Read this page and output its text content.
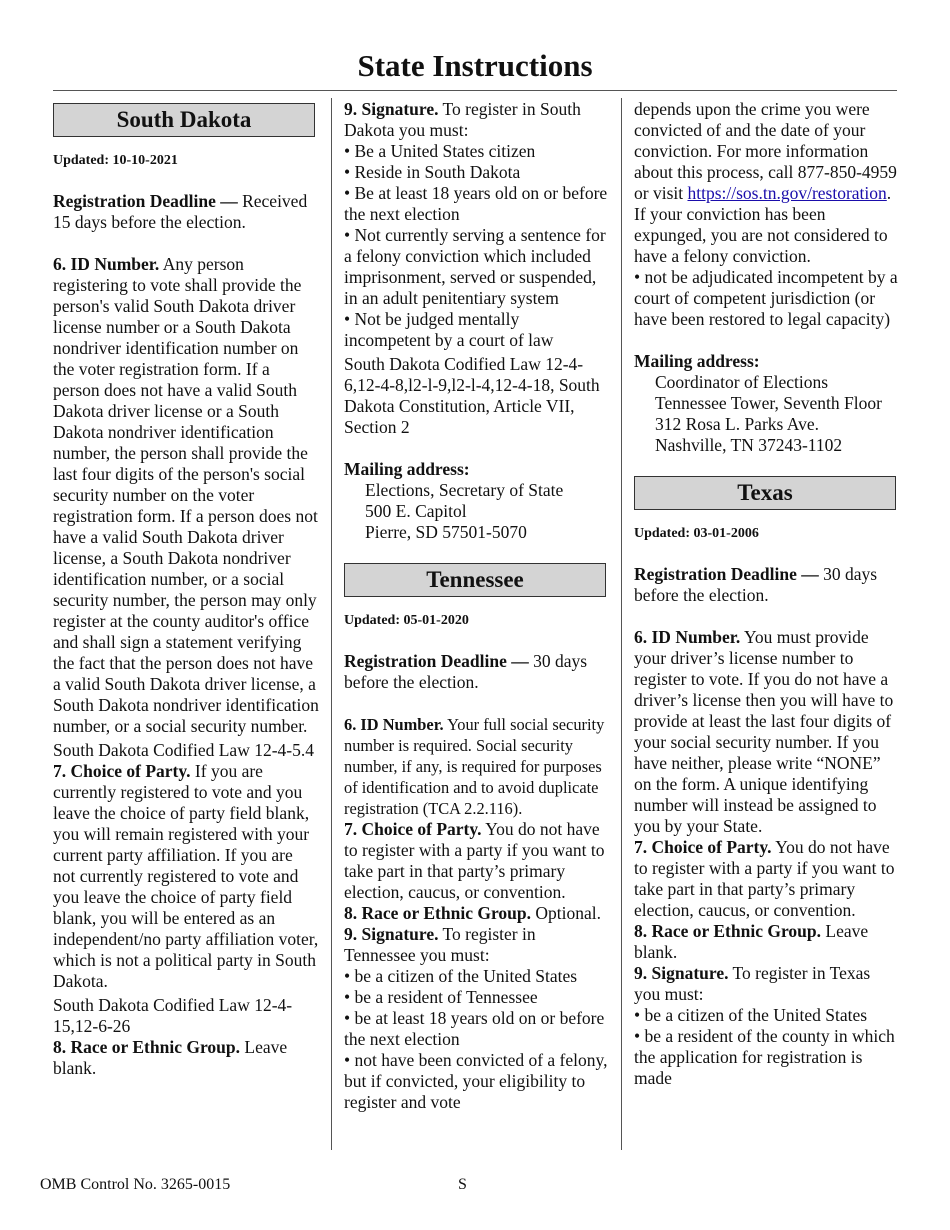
State Instructions
South Dakota
Updated: 10-10-2021
Registration Deadline — Received 15 days before the election.
6. ID Number. Any person registering to vote shall provide the person's valid South Dakota driver license number or a South Dakota nondriver identification number on the voter registration form. If a person does not have a valid South Dakota driver license or a South Dakota nondriver identification number, the person shall provide the last four digits of the person's social security number on the voter registration form. If a person does not have a valid South Dakota driver license, a South Dakota nondriver identification number, or a social security number, the person may only register at the county auditor's office and shall sign a statement verifying the fact that the person does not have a valid South Dakota driver license, a South Dakota nondriver identification number, or a social security number.
South Dakota Codified Law 12-4-5.4
7. Choice of Party. If you are currently registered to vote and you leave the choice of party field blank, you will remain registered with your current party affiliation. If you are not currently registered to vote and you leave the choice of party field blank, you will be entered as an independent/no party affiliation voter, which is not a political party in South Dakota.
South Dakota Codified Law 12-4-15,12-6-26
8. Race or Ethnic Group. Leave blank.
9. Signature. To register in South Dakota you must:
• Be a United States citizen
• Reside in South Dakota
• Be at least 18 years old on or before the next election
• Not currently serving a sentence for a felony conviction which included imprisonment, served or suspended, in an adult penitentiary system
• Not be judged mentally incompetent by a court of law
South Dakota Codified Law 12-4-6,12-4-8,l2-l-9,l2-l-4,12-4-18, South Dakota Constitution, Article VII, Section 2
Mailing address:
Elections, Secretary of State
500 E. Capitol
Pierre, SD 57501-5070
Tennessee
Updated: 05-01-2020
Registration Deadline — 30 days before the election.
6. ID Number. Your full social security number is required. Social security number, if any, is required for purposes of identification and to avoid duplicate registration (TCA 2.2.116).
7. Choice of Party. You do not have to register with a party if you want to take part in that party’s primary election, caucus, or convention.
8. Race or Ethnic Group. Optional.
9. Signature. To register in Tennessee you must:
• be a citizen of the United States
• be a resident of Tennessee
• be at least 18 years old on or before the next election
• not have been convicted of a felony, but if convicted, your eligibility to register and vote
depends upon the crime you were convicted of and the date of your conviction. For more information about this process, call 877-850-4959 or visit https://sos.tn.gov/restoration. If your conviction has been expunged, you are not considered to have a felony conviction.
• not be adjudicated incompetent by a court of competent jurisdiction (or have been restored to legal capacity)
Mailing address:
Coordinator of Elections
Tennessee Tower, Seventh Floor
312 Rosa L. Parks Ave.
Nashville, TN 37243-1102
Texas
Updated: 03-01-2006
Registration Deadline — 30 days before the election.
6. ID Number. You must provide your driver’s license number to register to vote. If you do not have a driver’s license then you will have to provide at least the last four digits of your social security number. If you have neither, please write “NONE” on the form. A unique identifying number will instead be assigned to you by your State.
7. Choice of Party. You do not have to register with a party if you want to take part in that party’s primary election, caucus, or convention.
8. Race or Ethnic Group. Leave blank.
9. Signature. To register in Texas you must:
• be a citizen of the United States
• be a resident of the county in which the application for registration is made
OMB Control No. 3265-0015	S
